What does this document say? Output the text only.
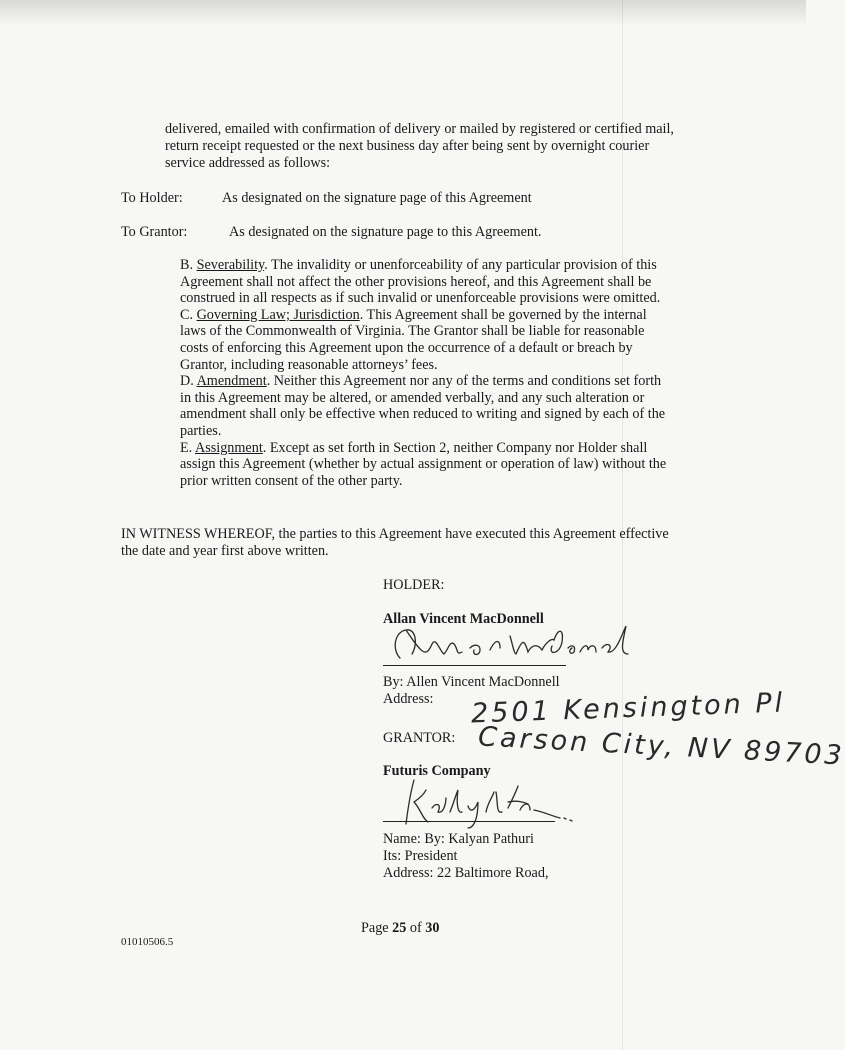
delivered, emailed with confirmation of delivery or mailed by registered or certified mail,
return receipt requested or the next business day after being sent by overnight courier
service addressed as follows:
To Holder:	As designated on the signature page of this Agreement
To Grantor:	As designated on the signature page to this Agreement.

B. Severability. The invalidity or unenforceability of any particular provision of this Agreement shall not affect the other provisions hereof, and this Agreement shall be construed in all respects as if such invalid or unenforceable provisions were omitted.

C. Governing Law; Jurisdiction. This Agreement shall be governed by the internal laws of the Commonwealth of Virginia. The Grantor shall be liable for reasonable costs of enforcing this Agreement upon the occurrence of a default or breach by Grantor, including reasonable attorneys’ fees.

D. Amendment. Neither this Agreement nor any of the terms and conditions set forth in this Agreement may be altered, or amended verbally, and any such alteration or amendment shall only be effective when reduced to writing and signed by each of the parties.

E. Assignment. Except as set forth in Section 2, neither Company nor Holder shall assign this Agreement (whether by actual assignment or operation of law) without the prior written consent of the other party.

IN WITNESS WHEREOF, the parties to this Agreement have executed this Agreement effective
the date and year first above written.
HOLDER:
Allan Vincent MacDonnell
By: Allen Vincent MacDonnell
Address: 2501 Kensington Pl
GRANTOR: Carson City, NV 89703
Futuris Company
Name: By: Kalyan Pathuri
Its: President
Address: 22 Baltimore Road,
Page 25 of 30
01010506.5
